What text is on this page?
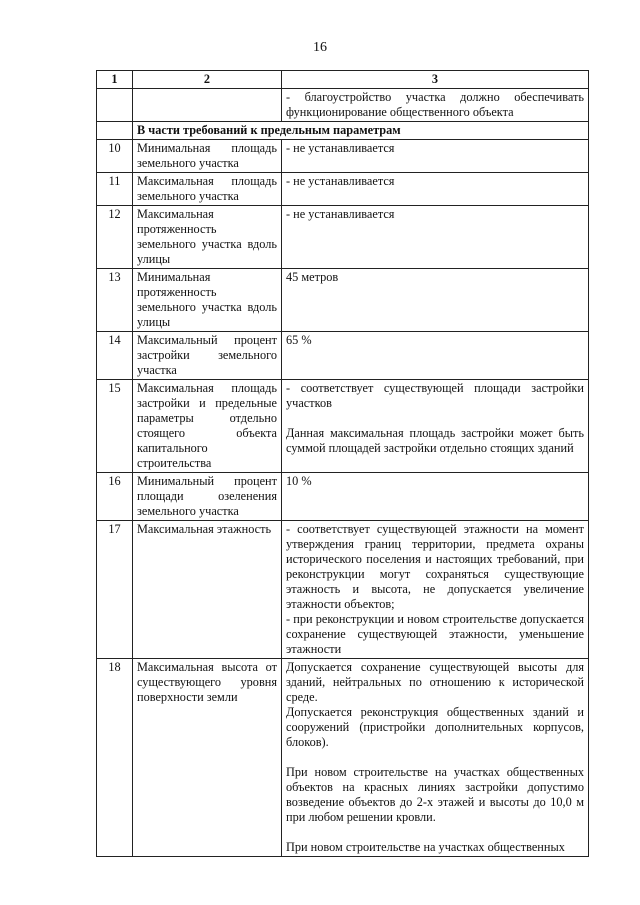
16
1	2	3
		- благоустройство участка должно обеспечивать функционирование общественного объекта
	В части требований к предельным параметрам	
10	Минимальная площадь земельного участка	- не устанавливается
11	Максимальная площадь земельного участка	- не устанавливается
12	Максимальная протяженность земельного участка вдоль улицы	- не устанавливается
13	Минимальная протяженность земельного участка вдоль улицы	45 метров
14	Максимальный процент застройки земельного участка	65 %
15	Максимальная площадь застройки и предельные параметры отдельно стоящего объекта капитального строительства	- соответствует существующей площади застройки участков

Данная максимальная площадь застройки может быть суммой площадей застройки отдельно стоящих зданий

16	Минимальный процент площади озеленения земельного участка	10 %
17	Максимальная этажность	- соответствует существующей этажности на момент утверждения границ территории, предмета охраны исторического поселения и настоящих требований, при реконструкции могут сохраняться существующие этажность и высота, не допускается увеличение этажности объектов;

- при реконструкции и новом строительстве допускается сохранение существующей этажности, уменьшение этажности

18	Максимальная высота от существующего уровня поверхности земли	Допускается сохранение существующей высоты для зданий, нейтральных по отношению к исторической среде.

Допускается реконструкция общественных зданий и сооружений (пристройки дополнительных корпусов, блоков).

При новом строительстве на участках общественных объектов на красных линиях застройки допустимо возведение объектов до 2-х этажей и высоты до 10,0 м при любом решении кровли.

При новом строительстве на участках общественных
